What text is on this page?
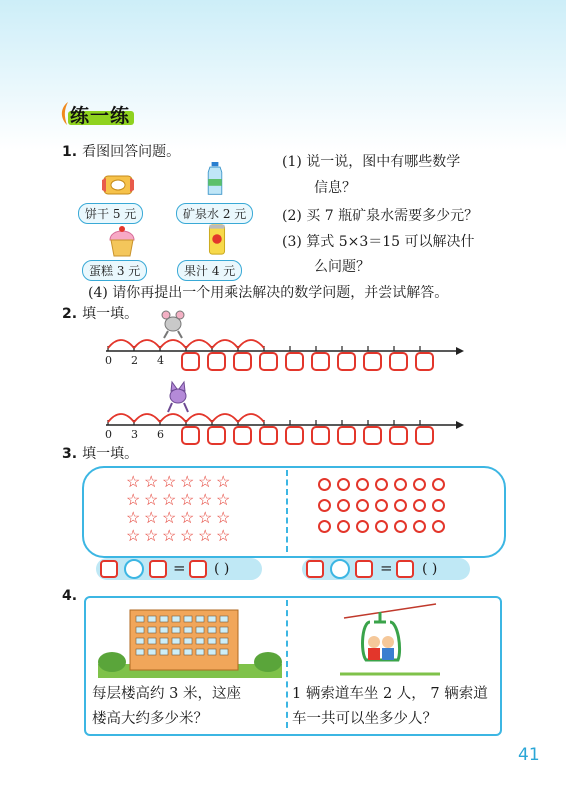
练一练
1. 看图回答问题。
饼干 5 元	矿泉水 2 元
蛋糕 3 元	果汁 4 元
(1) 说一说，图中有哪些数学
信息？
(2) 买 7 瓶矿泉水需要多少元？
(3) 算式 5×3＝15 可以解决什
么问题？
(4) 请你再提出一个用乘法解决的数学问题，并尝试解答。
2. 填一填。
0 2 4
0 3 6
3. 填一填。
☆ ☆ ☆ ☆ ☆ ☆
☆ ☆ ☆ ☆ ☆ ☆
☆ ☆ ☆ ☆ ☆ ☆
☆ ☆ ☆ ☆ ☆ ☆
= ( )	= ( )
4.
每层楼高约 3 米，这座
楼高大约多少米？
1 辆索道车坐 2 人， 7 辆索道
车一共可以坐多少人？
41
